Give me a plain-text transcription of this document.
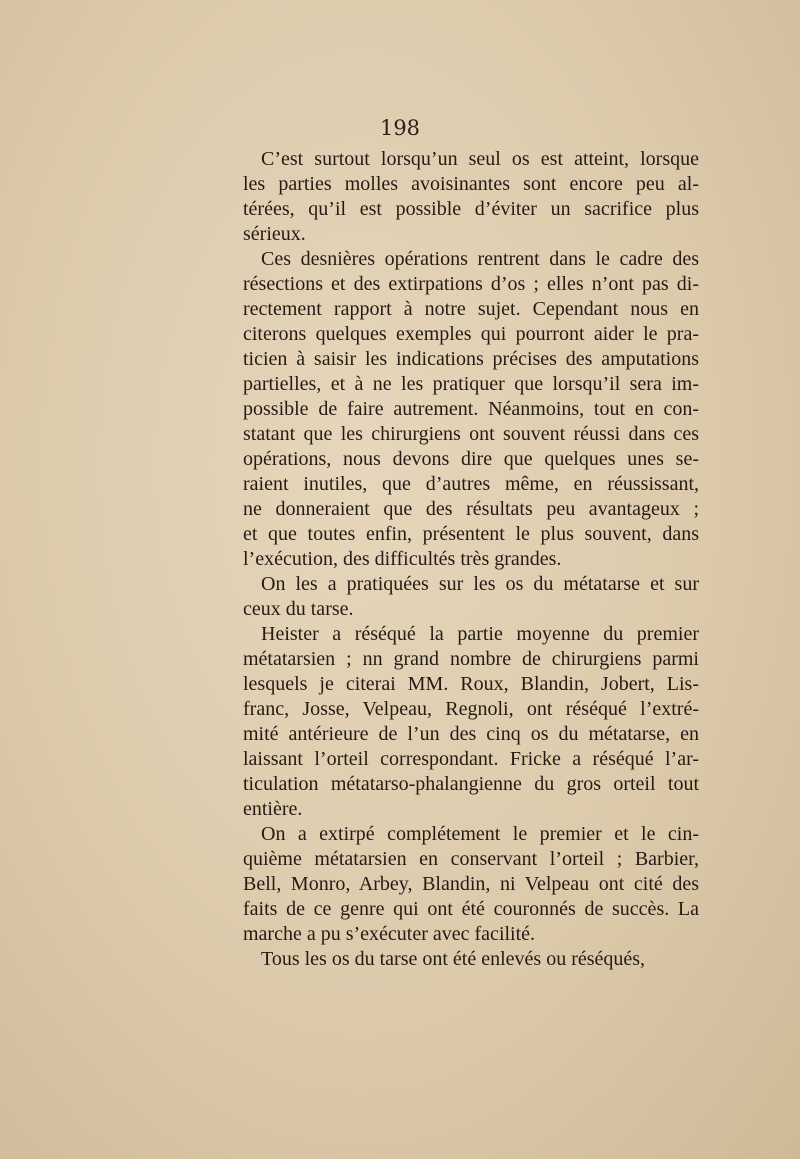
198

C’est surtout lorsqu’un seul os est atteint, lorsque
les parties molles avoisinantes sont encore peu al-
térées, qu’il est possible d’éviter un sacrifice plus
sérieux.

Ces desnières opérations rentrent dans le cadre des
résections et des extirpations d’os ; elles n’ont pas di-
rectement rapport à notre sujet. Cependant nous en
citerons quelques exemples qui pourront aider le pra-
ticien à saisir les indications précises des amputations
partielles, et à ne les pratiquer que lorsqu’il sera im-
possible de faire autrement. Néanmoins, tout en con-
statant que les chirurgiens ont souvent réussi dans ces
opérations, nous devons dire que quelques unes se-
raient inutiles, que d’autres même, en réussissant,
ne donneraient que des résultats peu avantageux ;
et que toutes enfin, présentent le plus souvent, dans
l’exécution, des difficultés très grandes.

On les a pratiquées sur les os du métatarse et sur
ceux du tarse.

Heister a réséqué la partie moyenne du premier
métatarsien ; nn grand nombre de chirurgiens parmi
lesquels je citerai MM. Roux, Blandin, Jobert, Lis-
franc, Josse, Velpeau, Regnoli, ont réséqué l’extré-
mité antérieure de l’un des cinq os du métatarse, en
laissant l’orteil correspondant. Fricke a réséqué l’ar-
ticulation métatarso-phalangienne du gros orteil tout
entière.

On a extirpé complétement le premier et le cin-
quième métatarsien en conservant l’orteil ; Barbier,
Bell, Monro, Arbey, Blandin, ni Velpeau ont cité des
faits de ce genre qui ont été couronnés de succès. La
marche a pu s’exécuter avec facilité.

Tous les os du tarse ont été enlevés ou réséqués,
